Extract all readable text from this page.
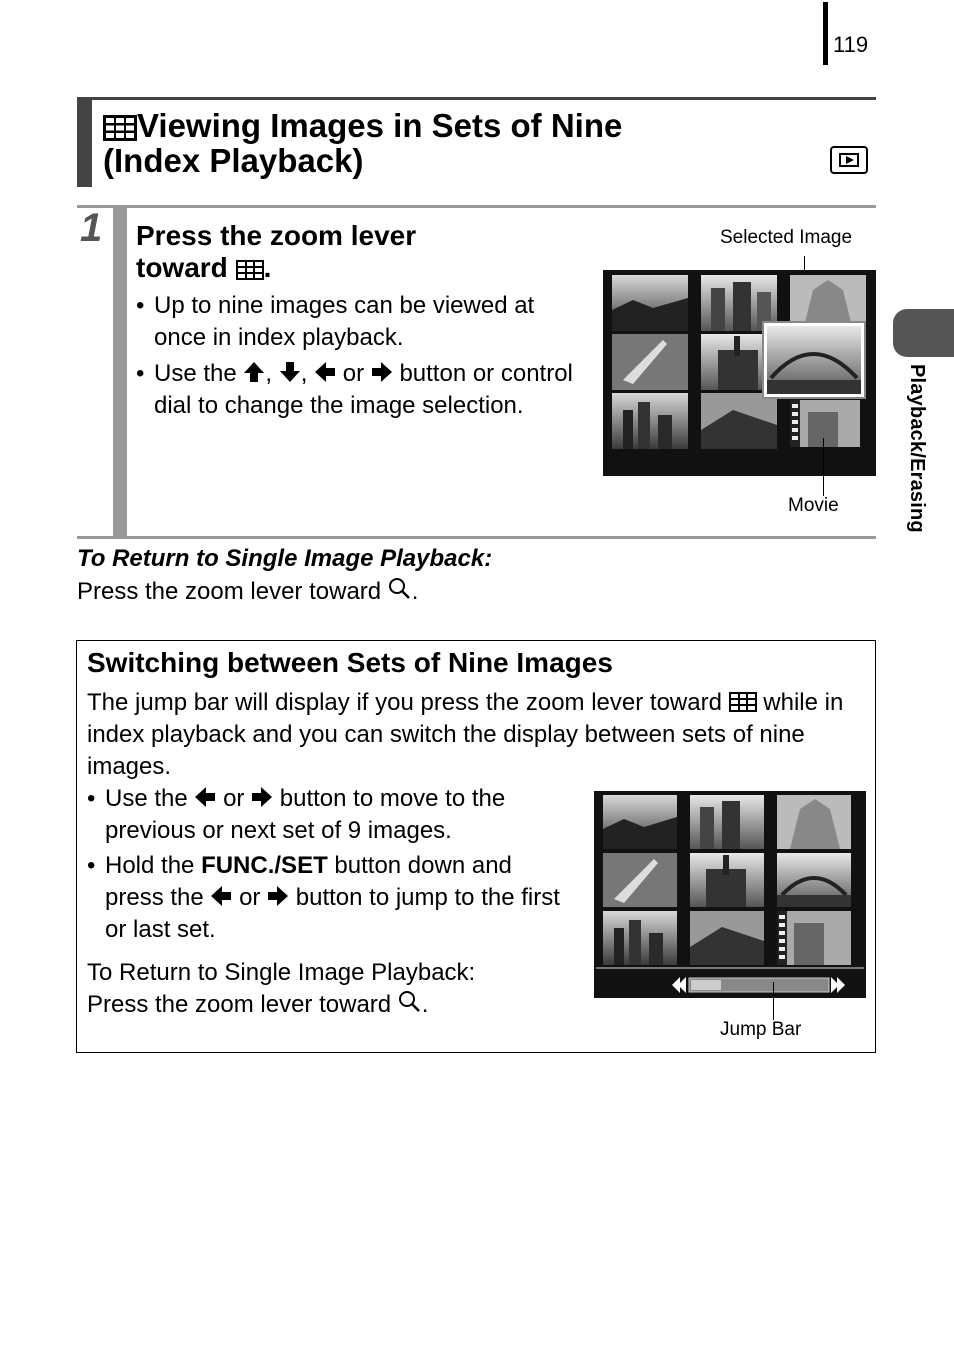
119
Playback/Erasing
Viewing Images in Sets of Nine
(Index Playback)
1 Press the zoom lever
toward .
• Up to nine images can be viewed at once in index playback.
• Use the , ,  or button or control dial to change the image selection.
Selected Image
Movie
To Return to Single Image Playback:
Press the zoom lever toward .
Switching between Sets of Nine Images
The jump bar will display if you press the zoom lever toward while in index playback and you can switch the display between sets of nine images.
• Use the or button to move to the previous or next set of 9 images.
• Hold the FUNC./SET button down and press the or button to jump to the first or last set.
To Return to Single Image Playback:
Press the zoom lever toward .
Jump Bar
